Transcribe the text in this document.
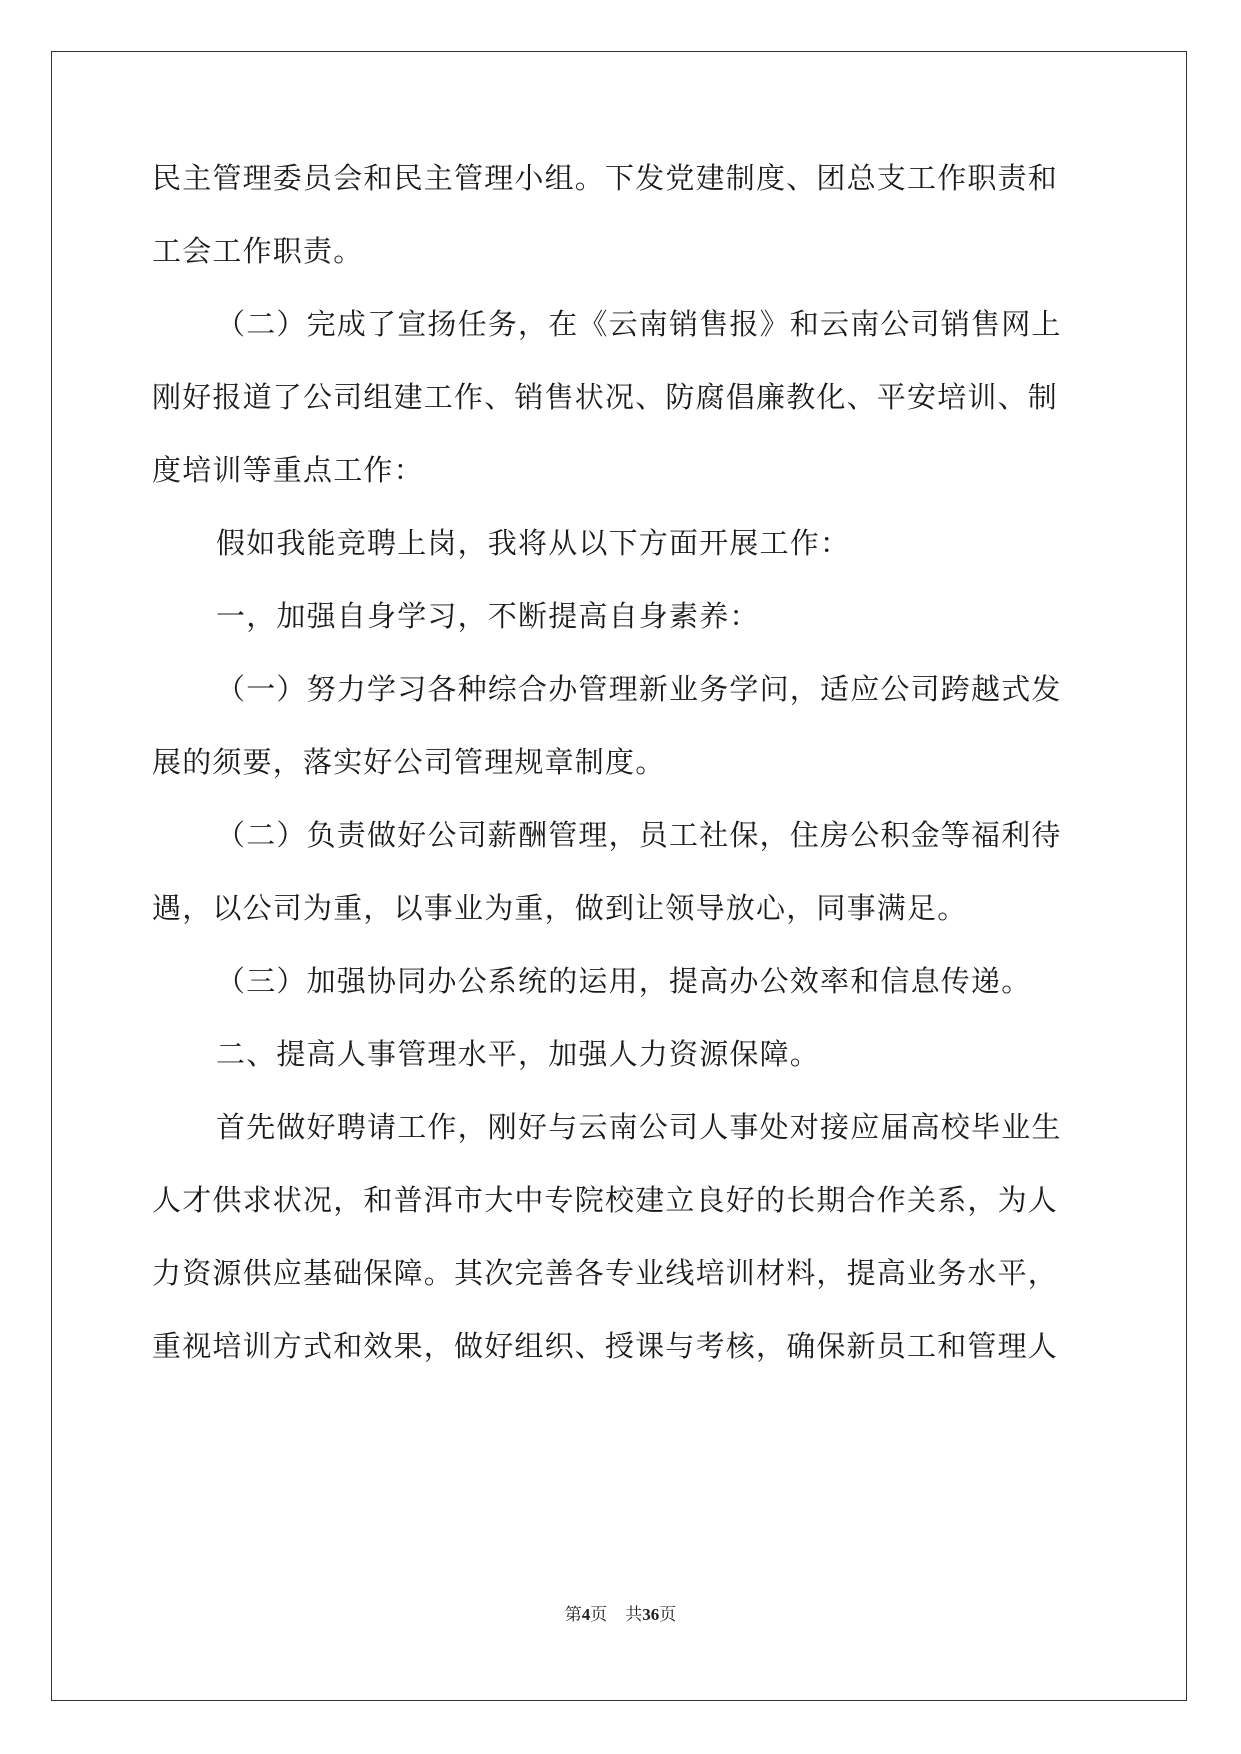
民主管理委员会和民主管理小组。下发党建制度、团总支工作职责和
工会工作职责。
（二）完成了宣扬任务，在《云南销售报》和云南公司销售网上
刚好报道了公司组建工作、销售状况、防腐倡廉教化、平安培训、制
度培训等重点工作：
假如我能竞聘上岗，我将从以下方面开展工作：
一，加强自身学习，不断提高自身素养：
（一）努力学习各种综合办管理新业务学问，适应公司跨越式发
展的须要，落实好公司管理规章制度。
（二）负责做好公司薪酬管理，员工社保，住房公积金等福利待
遇，以公司为重，以事业为重，做到让领导放心，同事满足。
（三）加强协同办公系统的运用，提高办公效率和信息传递。
二、提高人事管理水平，加强人力资源保障。
首先做好聘请工作，刚好与云南公司人事处对接应届高校毕业生
人才供求状况，和普洱市大中专院校建立良好的长期合作关系，为人
力资源供应基础保障。其次完善各专业线培训材料，提高业务水平，
重视培训方式和效果，做好组织、授课与考核，确保新员工和管理人
第4页 共36页
